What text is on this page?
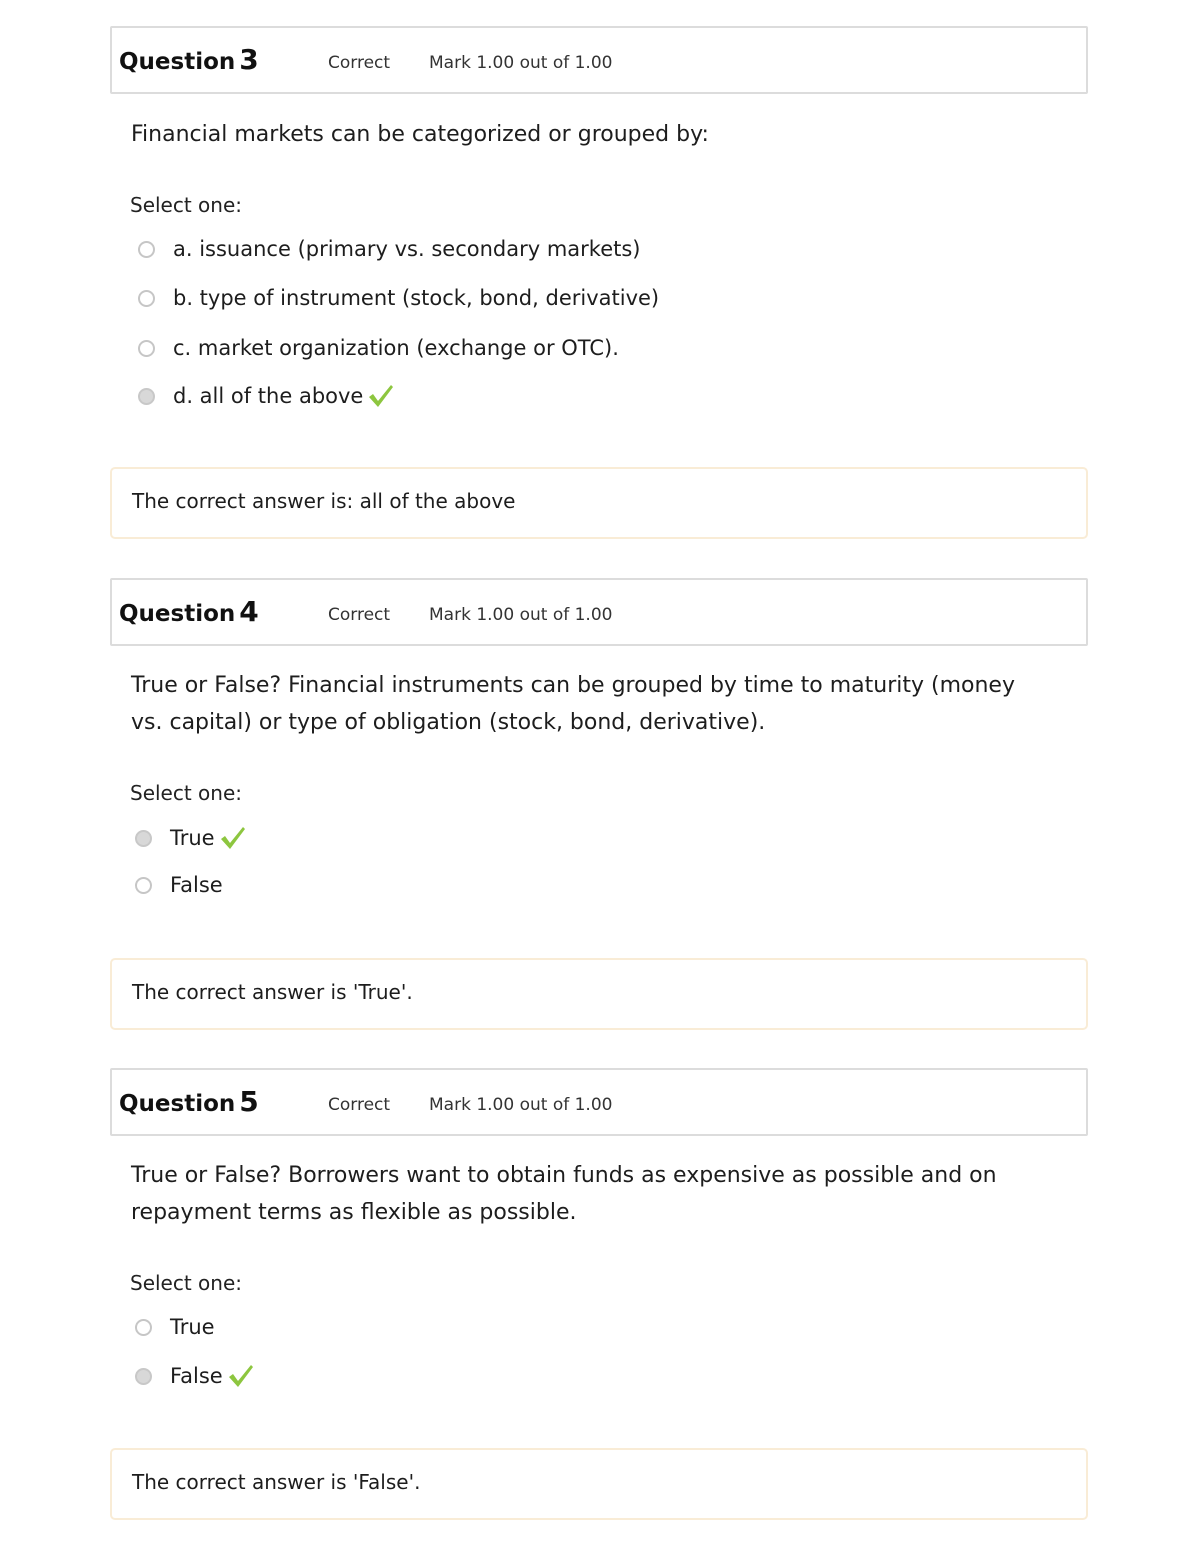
Question 3	Correct Mark 1.00 out of 1.00
Financial markets can be categorized or grouped by:
Select one:
a. issuance (primary vs. secondary markets)
b. type of instrument (stock, bond, derivative)
c. market organization (exchange or OTC).
d. all of the above
The correct answer is: all of the above
Question 4	Correct Mark 1.00 out of 1.00
True or False? Financial instruments can be grouped by time to maturity (money vs. capital) or type of obligation (stock, bond, derivative).
Select one:
True
False
The correct answer is 'True'.
Question 5	Correct Mark 1.00 out of 1.00
True or False? Borrowers want to obtain funds as expensive as possible and on repayment terms as flexible as possible.
Select one:
True
False
The correct answer is 'False'.
